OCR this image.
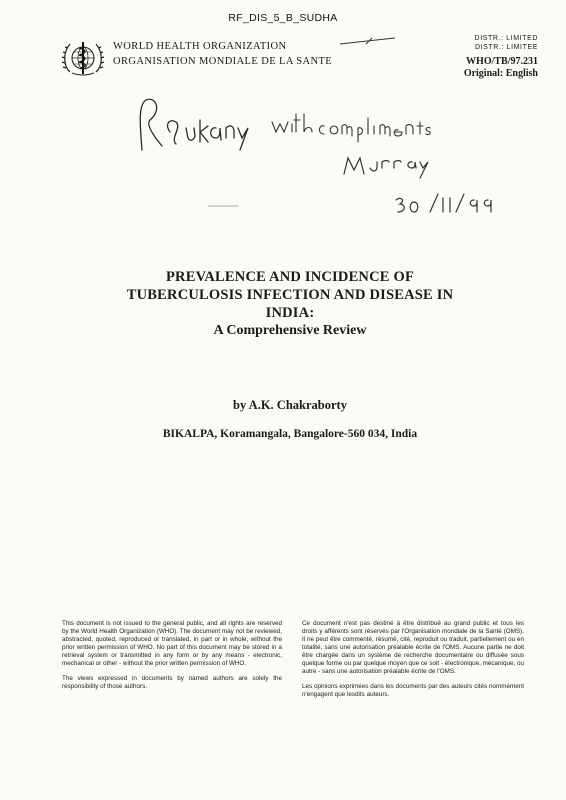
RF_DIS_5_B_SUDHA
WORLD HEALTH ORGANIZATION
ORGANISATION MONDIALE DE LA SANTE
DISTR.: LIMITED
DISTR.: LIMITEE
WHO/TB/97.231
Original: English
PREVALENCE AND INCIDENCE OF
TUBERCULOSIS INFECTION AND DISEASE IN
INDIA:
A Comprehensive Review
by A.K. Chakraborty
BIKALPA, Koramangala, Bangalore-560 034, India

This document is not issued to the general public, and all rights are reserved by the World Health Organization (WHO). The document may not be reviewed, abstracted, quoted, reproduced or translated, in part or in whole, without the prior written permission of WHO. No part of this document may be stored in a retrieval system or transmitted in any form or by any means - electronic, mechanical or other - without the prior written permission of WHO.

The views expressed in documents by named authors are solely the responsibility of those authors.

Ce document n'est pas destiné à être distribué au grand public et tous les droits y afférents sont réservés par l'Organisation mondiale de la Santé (OMS). Il ne peut être commenté, résumé, cité, reproduit ou traduit, partiellement ou en totalité, sans une autorisation préalable écrite de l'OMS. Aucune partie ne doit être chargée dans un système de recherche documentaire ou diffusée sous quelque forme ou par quelque moyen que ce soit - électronique, mécanique, ou autre - sans une autorisation préalable écrite de l'OMS.

Les opinions exprimées dans les documents par des auteurs cités nommément n'engagent que lesdits auteurs.
